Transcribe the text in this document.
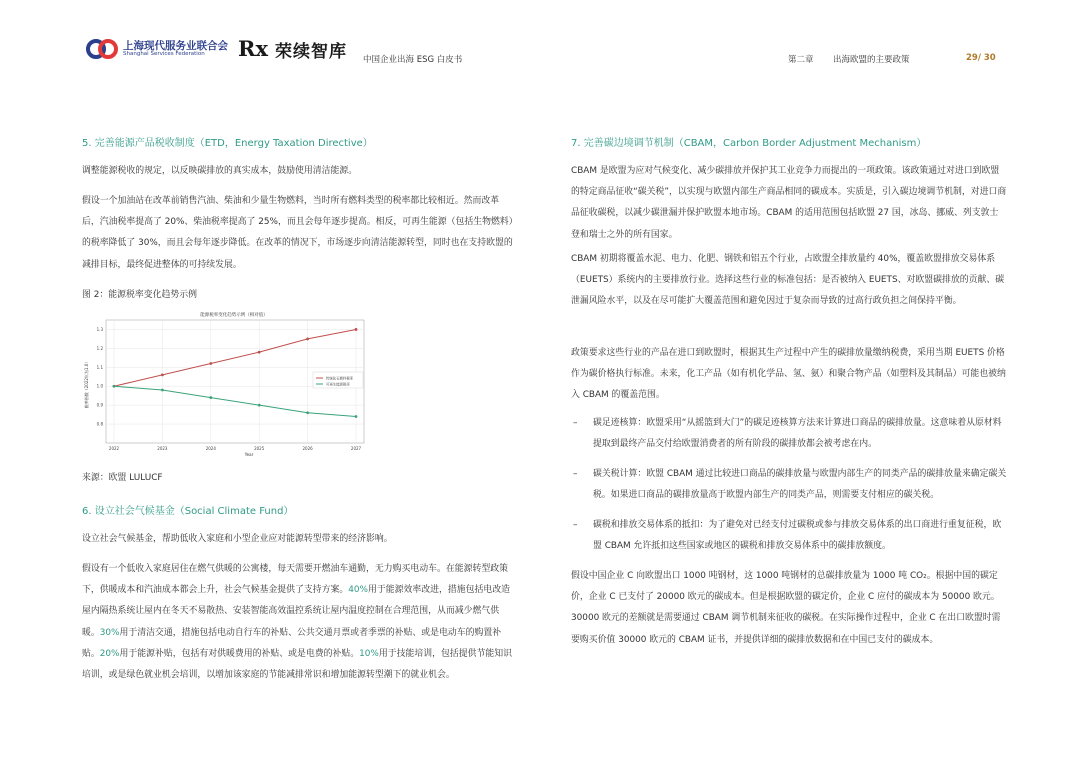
上海现代服务业联合会
Shanghai Services Federation Rx 荣续智库 中国企业出海 ESG 白皮书	第二章 出海欧盟的主要政策	29/ 30
5. 完善能源产品税收制度（ETD，Energy Taxation Directive）
调整能源税收的规定，以反映碳排放的真实成本，鼓励使用清洁能源。
假设一个加油站在改革前销售汽油、柴油和少量生物燃料，当时所有燃料类型的税率都比较相近。然而改革后，汽油税率提高了 20%、柴油税率提高了 25%，而且会每年逐步提高。相反，可再生能源（包括生物燃料）的税率降低了 30%，而且会每年逐步降低。在改革的情况下，市场逐步向清洁能源转型，同时也在支持欧盟的减排目标，最终促进整体的可持续发展。
图 2：能源税率变化趋势示例
能源税率变化趋势示例（相对值）
Year
税率指数（2022年为1.0）
0.8
0.9
1.0
1.1
1.2
1.3
2022	2023	2024	2025	2026	2027
传统化石燃料税率
可再生能源税率
来源：欧盟 LULUCF
6. 设立社会气候基金（Social Climate Fund）
设立社会气候基金，帮助低收入家庭和小型企业应对能源转型带来的经济影响。
假设有一个低收入家庭居住在燃气供暖的公寓楼，每天需要开燃油车通勤，无力购买电动车。在能源转型政策下，供暖成本和汽油成本都会上升，社会气候基金提供了支持方案。40%用于能源效率改进，措施包括电改造屋内隔热系统让屋内在冬天不易散热、安装智能高效温控系统让屋内温度控制在合理范围，从而减少燃气供暖。30%用于清洁交通，措施包括电动自行车的补贴、公共交通月票或者季票的补贴、或是电动车的购置补贴。20%用于能源补贴，包括有对供暖费用的补贴、或是电费的补贴。10%用于技能培训，包括提供节能知识培训，或是绿色就业机会培训，以增加该家庭的节能减排常识和增加能源转型潮下的就业机会。
7. 完善碳边境调节机制（CBAM，Carbon Border Adjustment Mechanism）
CBAM 是欧盟为应对气候变化、减少碳排放并保护其工业竞争力而提出的一项政策。该政策通过对进口到欧盟的特定商品征收“碳关税”，以实现与欧盟内部生产商品相同的碳成本。实质是，引入碳边境调节机制，对进口商品征收碳税，以减少碳泄漏并保护欧盟本地市场。CBAM 的适用范围包括欧盟 27 国，冰岛、挪威、列支敦士登和瑞士之外的所有国家。
CBAM 初期将覆盖水泥、电力、化肥、钢铁和铝五个行业，占欧盟全排放量约 40%，覆盖欧盟排放交易体系（EUETS）系统内的主要排放行业。选择这些行业的标准包括：是否被纳入 EUETS、对欧盟碳排放的贡献、碳泄漏风险水平，以及在尽可能扩大覆盖范围和避免因过于复杂而导致的过高行政负担之间保持平衡。
政策要求这些行业的产品在进口到欧盟时，根据其生产过程中产生的碳排放量缴纳税费，采用当期 EUETS 价格作为碳价格执行标准。未来，化工产品（如有机化学品、氢、氨）和聚合物产品（如塑料及其制品）可能也被纳入 CBAM 的覆盖范围。
– 碳足迹核算：欧盟采用“从摇篮到大门”的碳足迹核算方法来计算进口商品的碳排放量。这意味着从原材料提取到最终产品交付给欧盟消费者的所有阶段的碳排放都会被考虑在内。
– 碳关税计算：欧盟 CBAM 通过比较进口商品的碳排放量与欧盟内部生产的同类产品的碳排放量来确定碳关税。如果进口商品的碳排放量高于欧盟内部生产的同类产品，则需要支付相应的碳关税。
– 碳税和排放交易体系的抵扣：为了避免对已经支付过碳税或参与排放交易体系的出口商进行重复征税，欧盟 CBAM 允许抵扣这些国家或地区的碳税和排放交易体系中的碳排放额度。
假设中国企业 C 向欧盟出口 1000 吨钢材，这 1000 吨钢材的总碳排放量为 1000 吨 CO₂。根据中国的碳定价，企业 C 已支付了 20000 欧元的碳成本。但是根据欧盟的碳定价，企业 C 应付的碳成本为 50000 欧元。30000 欧元的差额就是需要通过 CBAM 调节机制来征收的碳税。在实际操作过程中，企业 C 在出口欧盟时需要购买价值 30000 欧元的 CBAM 证书，并提供详细的碳排放数据和在中国已支付的碳成本。
